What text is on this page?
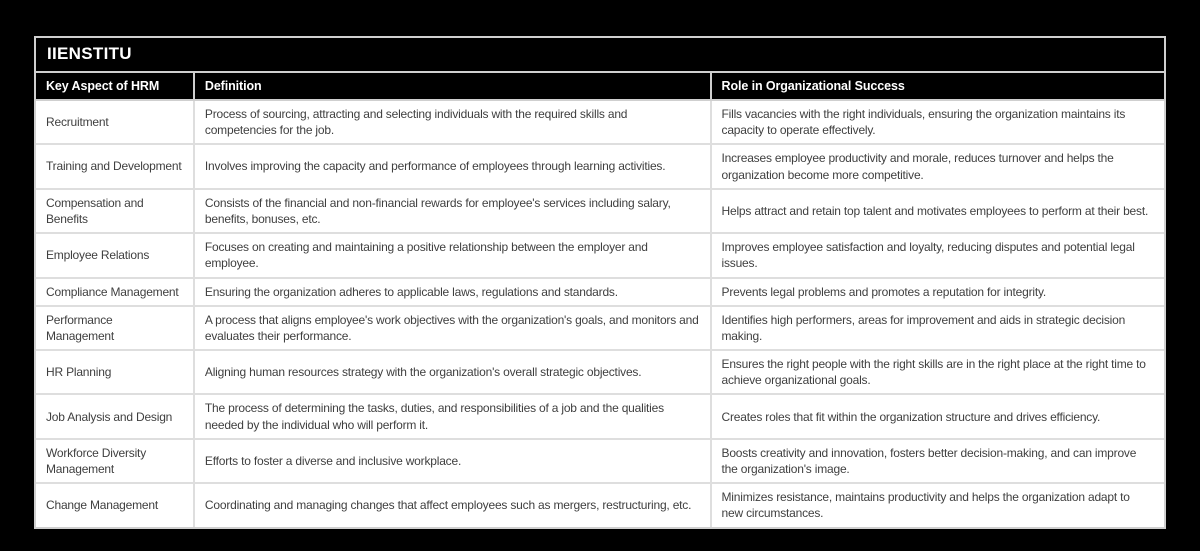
IIENSTITU
Key Aspect of HRM	Definition	Role in Organizational Success
Recruitment	Process of sourcing, attracting and selecting individuals with the required skills and competencies for the job.	Fills vacancies with the right individuals, ensuring the organization maintains its capacity to operate effectively.
Training and Development	Involves improving the capacity and performance of employees through learning activities.	Increases employee productivity and morale, reduces turnover and helps the organization become more competitive.
Compensation and Benefits	Consists of the financial and non-financial rewards for employee's services including salary, benefits, bonuses, etc.	Helps attract and retain top talent and motivates employees to perform at their best.
Employee Relations	Focuses on creating and maintaining a positive relationship between the employer and employee.	Improves employee satisfaction and loyalty, reducing disputes and potential legal issues.
Compliance Management	Ensuring the organization adheres to applicable laws, regulations and standards.	Prevents legal problems and promotes a reputation for integrity.
Performance Management	A process that aligns employee's work objectives with the organization's goals, and monitors and evaluates their performance.	Identifies high performers, areas for improvement and aids in strategic decision making.
HR Planning	Aligning human resources strategy with the organization's overall strategic objectives.	Ensures the right people with the right skills are in the right place at the right time to achieve organizational goals.
Job Analysis and Design	The process of determining the tasks, duties, and responsibilities of a job and the qualities needed by the individual who will perform it.	Creates roles that fit within the organization structure and drives efficiency.
Workforce Diversity Management	Efforts to foster a diverse and inclusive workplace.	Boosts creativity and innovation, fosters better decision-making, and can improve the organization's image.
Change Management	Coordinating and managing changes that affect employees such as mergers, restructuring, etc.	Minimizes resistance, maintains productivity and helps the organization adapt to new circumstances.
